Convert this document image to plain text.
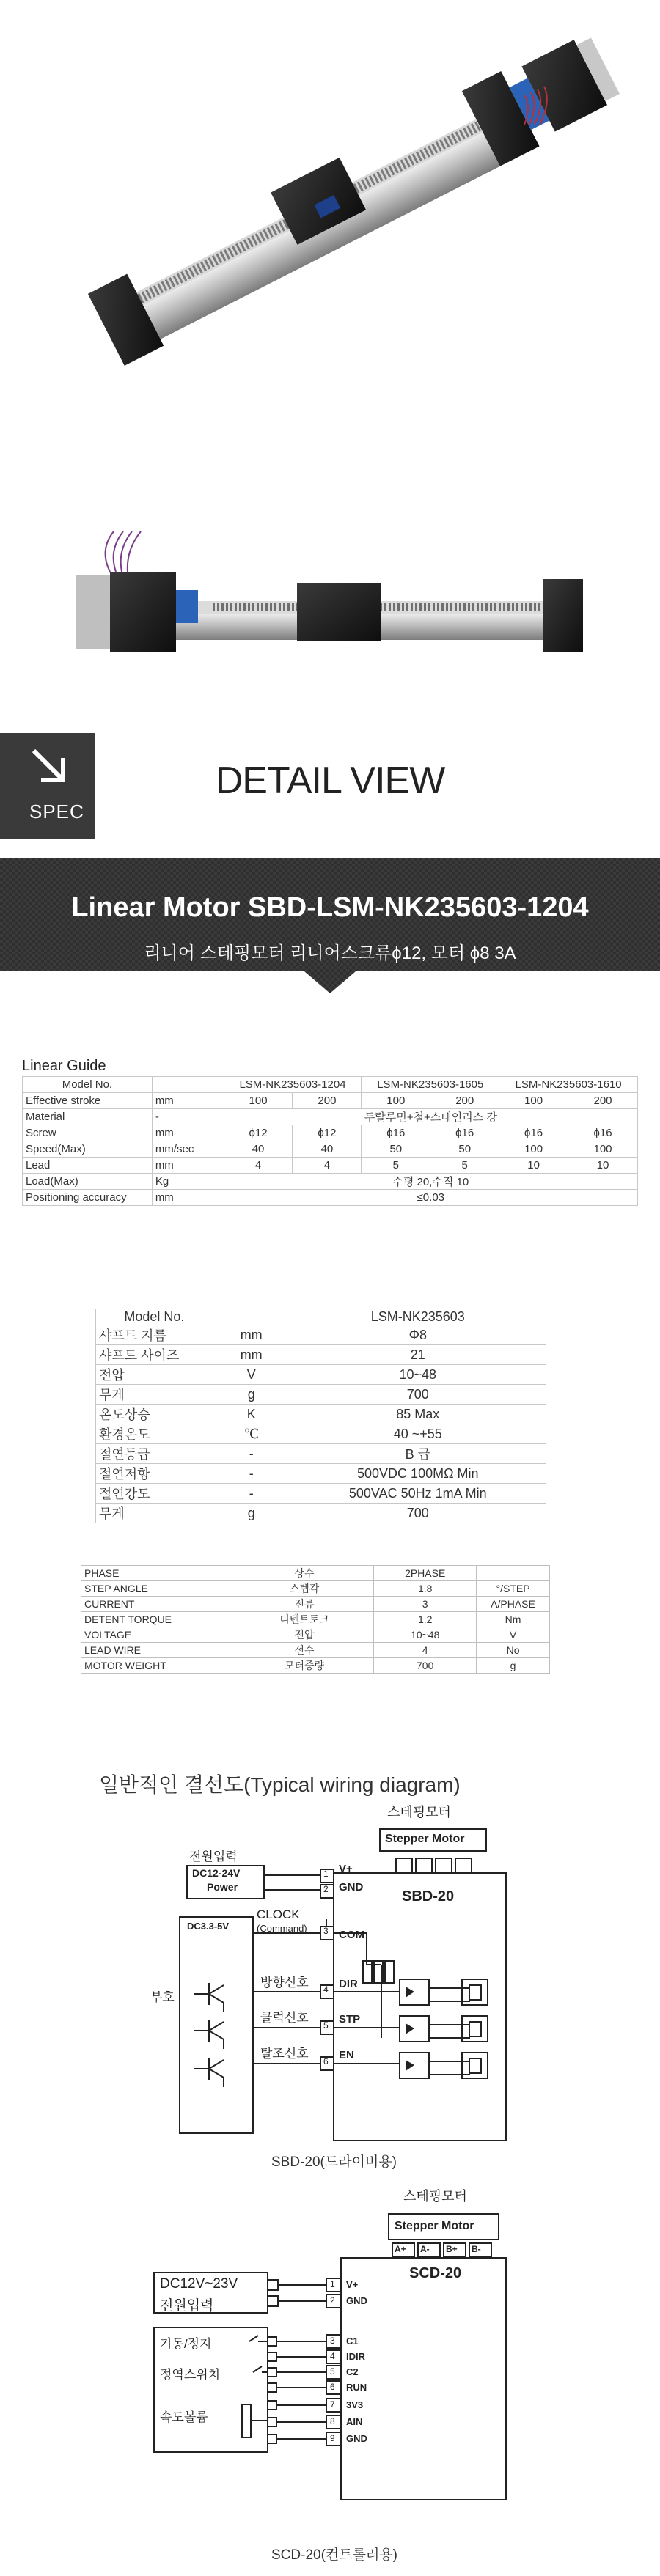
SPEC
DETAIL VIEW
Linear Motor SBD-LSM-NK235603-1204
리니어 스테핑모터 리니어스크류ϕ12, 모터 ϕ8 3A
Linear Guide
Model No.		LSM-NK235603-1204		LSM-NK235603-1605		LSM-NK235603-1610	
Effective stroke	mm	100	200	100	200	100	200
Material	-	두랄루민+철+스테인리스 강					
Screw	mm	ϕ12	ϕ12	ϕ16	ϕ16	ϕ16	ϕ16
Speed(Max)	mm/sec	40	40	50	50	100	100
Lead	mm	4	4	5	5	10	10
Load(Max)	Kg	수평 20,수직 10					
Positioning accuracy	mm	≤0.03					
Model No.		LSM-NK235603
샤프트 지름	mm	Φ8
샤프트 사이즈	mm	21
전압	V	10~48
무게	g	700
온도상승	K	85 Max
환경온도	℃	40 ~+55
절연등급	-	B 급
절연저항	-	500VDC 100MΩ Min
절연강도	-	500VAC 50Hz 1mA Min
무게	g	700
PHASE	상수	2PHASE	
STEP ANGLE	스텝각	1.8	°/STEP
CURRENT	전류	3	A/PHASE
DETENT TORQUE	디텐트토크	1.2	Nm
VOLTAGE	전압	10~48	V
LEAD WIRE	선수	4	No
MOTOR WEIGHT	모터중량	700	g
일반적인 결선도(Typical wiring diagram)
스테핑모터
Stepper Motor
SBD-20
전원입력
DC12-24V
Power
V+
GND
1
2
3
4
5
6
DC3.3-5V
CLOCK
(Command)
COM
방향신호	DIR
클럭신호	STP
탈조신호	EN
부호
SBD-20(드라이버용)
스테핑모터
Stepper Motor
A+ A- B+ B-
SCD-20
DC12V~23V
전원입력
기동/정지
정역스위치
속도볼륨
V+
GND
C1
IDIR
C2
RUN
3V3
AIN
GND
1
2
3
4
5
6
7
8
9
SCD-20(컨트롤러용)
